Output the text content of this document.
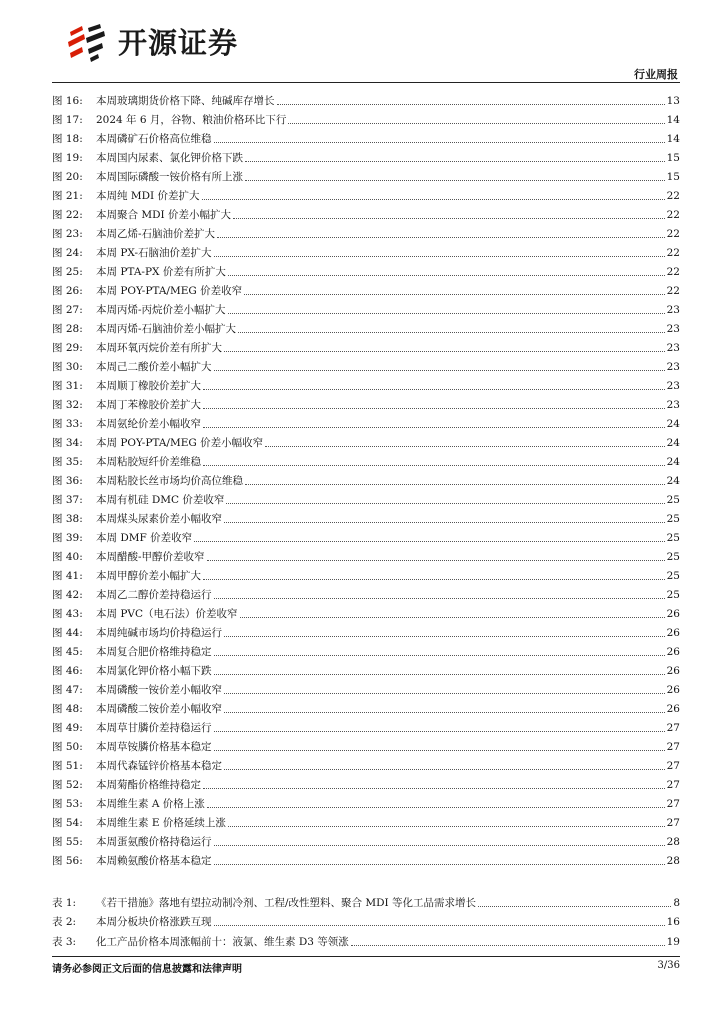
开源证券
行业周报
图 16:	本周玻璃期货价格下降、纯碱库存增长	13
图 17:	2024 年 6 月，谷物、粮油价格环比下行	14
图 18:	本周磷矿石价格高位维稳	14
图 19:	本周国内尿素、氯化钾价格下跌	15
图 20:	本周国际磷酸一铵价格有所上涨	15
图 21:	本周纯 MDI 价差扩大	22
图 22:	本周聚合 MDI 价差小幅扩大	22
图 23:	本周乙烯-石脑油价差扩大	22
图 24:	本周 PX-石脑油价差扩大	22
图 25:	本周 PTA-PX 价差有所扩大	22
图 26:	本周 POY-PTA/MEG 价差收窄	22
图 27:	本周丙烯-丙烷价差小幅扩大	23
图 28:	本周丙烯-石脑油价差小幅扩大	23
图 29:	本周环氧丙烷价差有所扩大	23
图 30:	本周己二酸价差小幅扩大	23
图 31:	本周顺丁橡胶价差扩大	23
图 32:	本周丁苯橡胶价差扩大	23
图 33:	本周氨纶价差小幅收窄	24
图 34:	本周 POY-PTA/MEG 价差小幅收窄	24
图 35:	本周粘胶短纤价差维稳	24
图 36:	本周粘胶长丝市场均价高位维稳	24
图 37:	本周有机硅 DMC 价差收窄	25
图 38:	本周煤头尿素价差小幅收窄	25
图 39:	本周 DMF 价差收窄	25
图 40:	本周醋酸-甲醇价差收窄	25
图 41:	本周甲醇价差小幅扩大	25
图 42:	本周乙二醇价差持稳运行	25
图 43:	本周 PVC（电石法）价差收窄	26
图 44:	本周纯碱市场均价持稳运行	26
图 45:	本周复合肥价格维持稳定	26
图 46:	本周氯化钾价格小幅下跌	26
图 47:	本周磷酸一铵价差小幅收窄	26
图 48:	本周磷酸二铵价差小幅收窄	26
图 49:	本周草甘膦价差持稳运行	27
图 50:	本周草铵膦价格基本稳定	27
图 51:	本周代森锰锌价格基本稳定	27
图 52:	本周菊酯价格维持稳定	27
图 53:	本周维生素 A 价格上涨	27
图 54:	本周维生素 E 价格延续上涨	27
图 55:	本周蛋氨酸价格持稳运行	28
图 56:	本周赖氨酸价格基本稳定	28
表 1:	《若干措施》落地有望拉动制冷剂、工程/改性塑料、聚合 MDI 等化工品需求增长	8
表 2:	本周分板块价格涨跌互现	16
表 3:	化工产品价格本周涨幅前十：液氯、维生素 D3 等领涨	19
请务必参阅正文后面的信息披露和法律声明	3/36
